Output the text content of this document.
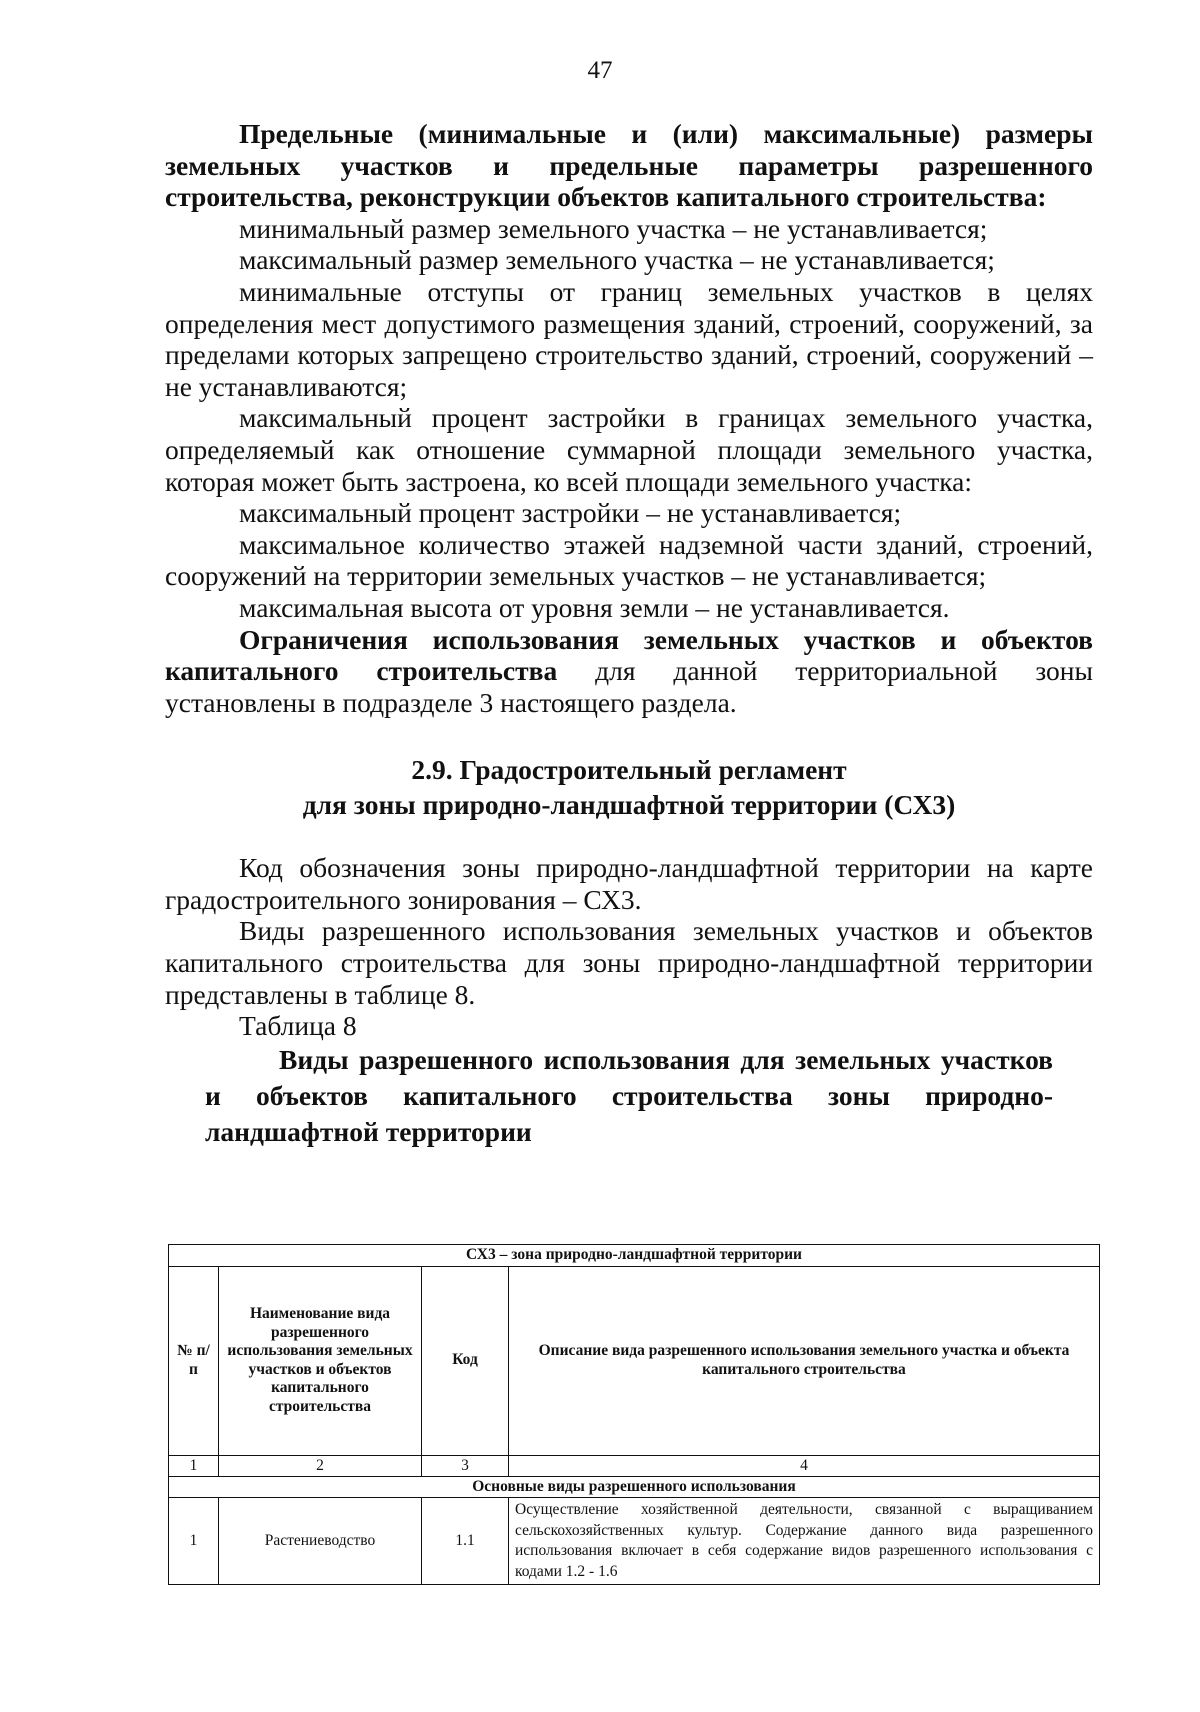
47

Предельные (минимальные и (или) максимальные) размеры земельных участков и предельные параметры разрешенного строительства, реконструкции объектов капитального строительства:

минимальный размер земельного участка – не устанавливается;

максимальный размер земельного участка – не устанавливается;

минимальные отступы от границ земельных участков в целях определения мест допустимого размещения зданий, строений, сооружений, за пределами которых запрещено строительство зданий, строений, сооружений – не устанавливаются;

максимальный процент застройки в границах земельного участка, определяемый как отношение суммарной площади земельного участка, которая может быть застроена, ко всей площади земельного участка:

максимальный процент застройки – не устанавливается;

максимальное количество этажей надземной части зданий, строений, сооружений на территории земельных участков – не устанавливается;

максимальная высота от уровня земли – не устанавливается.

Ограничения использования земельных участков и объектов капитального строительства для данной территориальной зоны установлены в подразделе 3 настоящего раздела.

2.9. Градостроительный регламент
для зоны природно-ландшафтной территории (СХ3)

Код обозначения зоны природно-ландшафтной территории на карте градостроительного зонирования – СХ3.

Виды разрешенного использования земельных участков и объектов капитального строительства для зоны природно-ландшафтной территории представлены в таблице 8.

Таблица 8

Виды разрешенного использования для земельных участков и объектов капитального строительства зоны природно-ландшафтной территории

СХ3 – зона природно-ландшафтной территории			
№ п/п	Наименование вида разрешенного использования земельных участков и объектов капитального строительства	Код	Описание вида разрешенного использования земельного участка и объекта капитального строительства
1	2	3	4
Основные виды разрешенного использования			
1	Растениеводство	1.1	Осуществление хозяйственной деятельности, связанной с выращиванием сельскохозяйственных культур. Содержание данного вида разрешенного использования включает в себя содержание видов разрешенного использования с кодами 1.2 - 1.6
